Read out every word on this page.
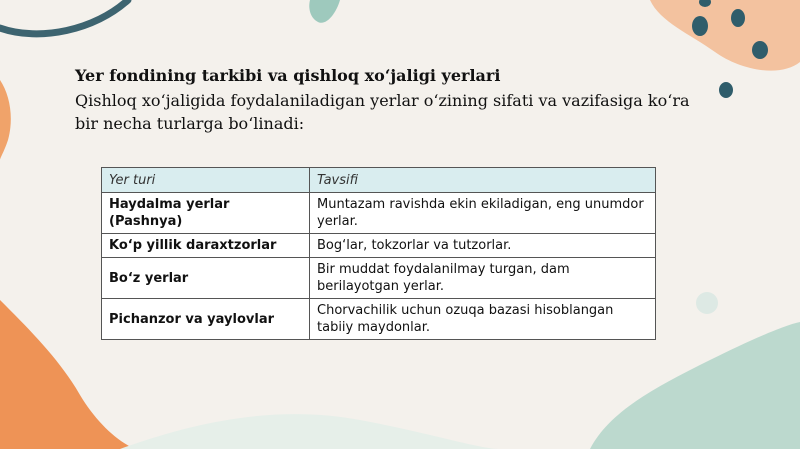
Yer fondining tarkibi va qishloq xo‘jaligi yerlari
Qishloq xo‘jaligida foydalaniladigan yerlar o‘zining sifati va vazifasiga ko‘ra bir necha turlarga bo‘linadi:
Yer turi	Tavsifi
Haydalma yerlar (Pashnya)	Muntazam ravishda ekin ekiladigan, eng unumdor yerlar.
Ko‘p yillik daraxtzorlar	Bog‘lar, tokzorlar va tutzorlar.
Bo‘z yerlar	Bir muddat foydalanilmay turgan, dam berilayotgan yerlar.
Pichanzor va yaylovlar	Chorvachilik uchun ozuqa bazasi hisoblangan tabiiy maydonlar.
